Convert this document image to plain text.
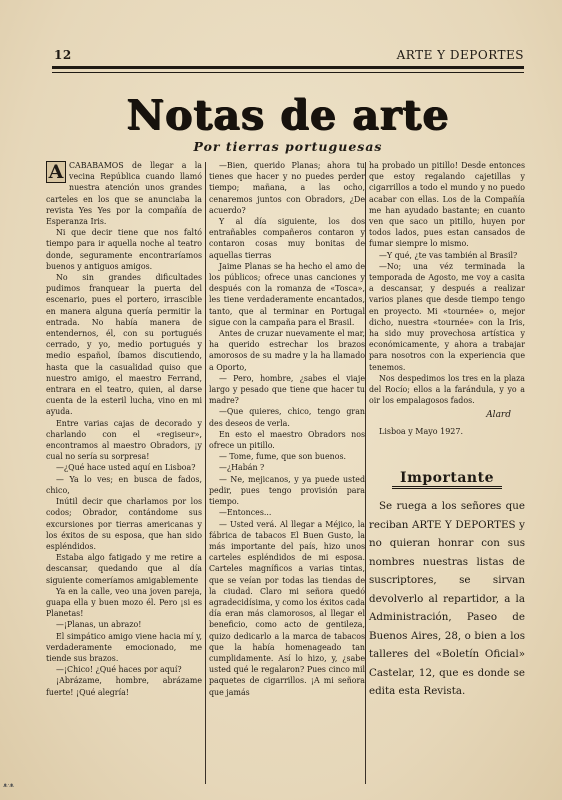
12	ARTE Y DEPORTES
Notas de arte
Por tierras portuguesas

A CABABAMOS de llegar a la vecina República cuando llamó nuestra atención unos grandes carteles en los que se anunciaba la revista Yes Yes por la compañía de Esperanza Iris.

Ni que decir tiene que nos faltó tiempo para ir aquella noche al teatro donde, seguramente encontraríamos buenos y antiguos amigos.

No sin grandes dificultades pudimos franquear la puerta del escenario, pues el portero, irrascible en manera alguna quería permitir la entrada. No había manera de entendernos, él, con su portugués cerrado, y yo, medio portugués y medio español, íbamos discutiendo, hasta que la casualidad quiso que nuestro amigo, el maestro Ferrand, entrara en el teatro, quien, al darse cuenta de la esteril lucha, vino en mi ayuda.

Entre varias cajas de decorado y charlando con el «regiseur», encontramos al maestro Obradors, ¡y cual no sería su sorpresa!

—¿Qué hace usted aquí en Lisboa?

— Ya lo ves; en busca de fados, chico,

Inútil decir que charlamos por los codos; Obrador, contándome sus excursiones por tierras americanas y los éxitos de su esposa, que han sido espléndidos.

Estaba algo fatigado y me retire a descansar, quedando que al día siguiente comeríamos amigablemente

Ya en la calle, veo una joven pareja, guapa ella y buen mozo él. Pero ¡si es Planetas!

—¡Planas, un abrazo!

El simpático amigo viene hacia mí y, verdaderamente emocionado, me tiende sus brazos.

—¡Chico! ¿Qué haces por aquí?

¡Abrázame, hombre, abrázame fuerte! ¡Qué alegría!

—Bien, querido Planas; ahora tu tienes que hacer y no puedes perder tiempo; mañana, a las ocho, cenaremos juntos con Obradors, ¿De acuerdo?

Y al día siguiente, los dos entrañables compañeros contaron y contaron cosas muy bonitas de aquellas tierras

Jaime Planas se ha hecho el amo de los públicos; ofrece unas canciones y después con la romanza de «Tosca», les tiene verdaderamente encantados, tanto, que al terminar en Portugal sigue con la campaña para el Brasil.

Antes de cruzar nuevamente el mar, ha querido estrechar los brazos amorosos de su madre y la ha llamado a Oporto,

— Pero, hombre, ¿sabes el viaje largo y pesado que tiene que hacer tu madre?

—Que quieres, chico, tengo gran des deseos de verla.

En esto el maestro Obradors nos ofrece un pitillo.

— Tome, fume, que son buenos.

—¿Habán ?

— Ne, mejicanos, y ya puede usted pedir, pues tengo provisión para tiempo.

—Entonces...

— Usted verá. Al llegar a Méjico, la fábrica de tabacos El Buen Gusto, la más importante del país, hizo unos carteles espléndidos de mi esposa. Carteles magníficos a varias tintas, que se veían por todas las tiendas de la ciudad. Claro mi señora quedó agradecidísima, y como los éxitos cada día eran más clamorosos, al llegar el beneficio, como acto de gentileza, quizo dedicarlo a la marca de tabacos que la había homenageado tan cumplidamente. Así lo hizo, y, ¿sabe usted qué le regalaron? Pues cinco mil paquetes de cigarrillos. ¡A mi señora que jamás

ha probado un pitillo! Desde entonces que estoy regalando cajetillas y cigarrillos a todo el mundo y no puedo acabar con ellas. Los de la Compañía me han ayudado bastante; en cuanto ven que saco un pitillo, huyen por todos lados, pues estan cansados de fumar siempre lo mismo.

—Y qué, ¿te vas también al Brasil?

—No; una véz terminada la temporada de Agosto, me voy a casita a descansar, y después a realizar varios planes que desde tiempo tengo en proyecto. Mi «tournée» o, mejor dicho, nuestra «tournée» con la Iris, ha sido muy provechosa artística y económicamente, y ahora a trabajar para nosotros con la experiencia que tenemos.

Nos despedimos los tres en la plaza del Rocío; ellos a la farándula, y yo a oir los empalagosos fados.

Alard

Lisboa y Mayo 1927.

Importante

Se ruega a los señores que reciban ARTE Y DEPORTES y no quieran honrar con sus nombres nuestras listas de suscriptores, se sirvan devolverlo al repartidor, a la Administración, Paseo de Buenos Aires, 28, o bien a los talleres del «Boletín Oficial» Castelar, 12, que es donde se edita esta Revista.

ᴥ·ᴥ
